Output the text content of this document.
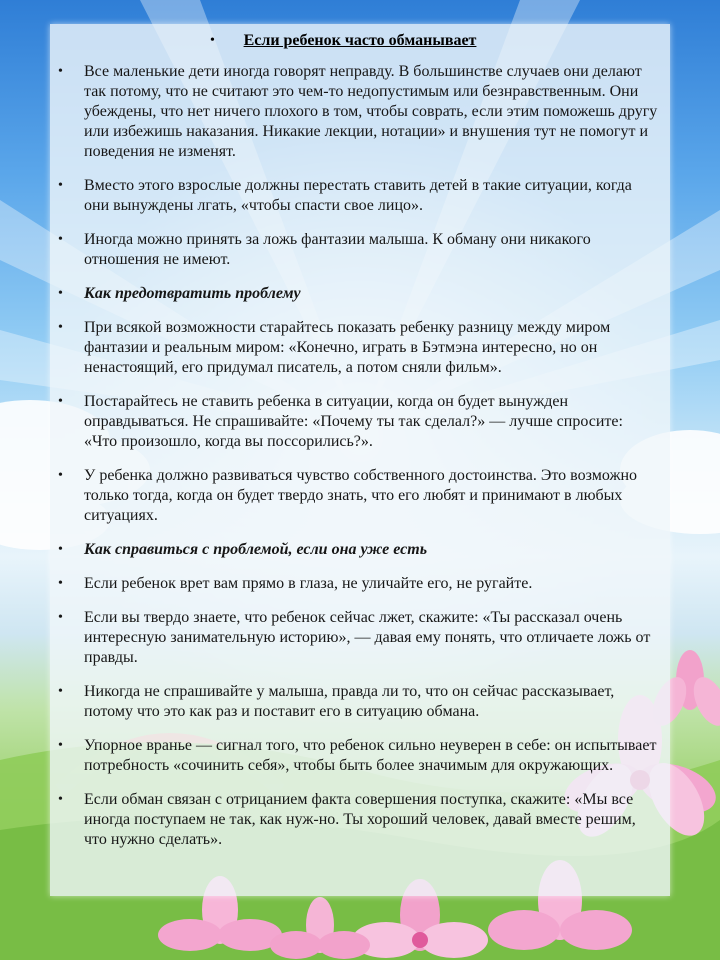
• Если ребенок часто обманывает
• Все маленькие дети иногда говорят неправду. В большинстве случаев они делают так потому, что не считают это чем-то недопустимым или безнравственным. Они убеждены, что нет ничего плохого в том, чтобы соврать, если этим поможешь другу или избежишь наказания. Никакие лекции, нотации» и внушения тут не помогут и поведения не изменят.
• Вместо этого взрослые должны перестать ставить детей в такие ситуации, когда они вынуждены лгать, «чтобы спасти свое лицо».
• Иногда можно принять за ложь фантазии малыша. К обману они никакого отношения не имеют.
• Как предотвратить проблему
• При всякой возможности старайтесь показать ребенку разницу между миром фантазии и реальным миром: «Конечно, играть в Бэтмэна интересно, но он ненастоящий, его придумал писатель, а потом сняли фильм».
• Постарайтесь не ставить ребенка в ситуации, когда он будет вынужден оправдываться. Не спрашивайте: «Почему ты так сделал?» — лучше спросите: «Что произошло, когда вы поссорились?».
• У ребенка должно развиваться чувство собственного достоинства. Это возможно только тогда, когда он будет твердо знать, что его любят и принимают в любых ситуациях.
• Как справиться с проблемой, если она уже есть
• Если ребенок врет вам прямо в глаза, не уличайте его, не ругайте.
• Если вы твердо знаете, что ребенок сейчас лжет, скажите: «Ты рассказал очень интересную занимательную историю», — давая ему понять, что отличаете ложь от правды.
• Никогда не спрашивайте у малыша, правда ли то, что он сейчас рассказывает, потому что это как раз и поставит его в ситуацию обмана.
• Упорное вранье — сигнал того, что ребенок сильно неуверен в себе: он испытывает потребность «сочинить себя», чтобы быть более значимым для окружающих.
• Если обман связан с отрицанием факта совершения поступка, скажите: «Мы все иногда поступаем не так, как нуж-но. Ты хороший человек, давай вместе решим, что нужно сделать».
